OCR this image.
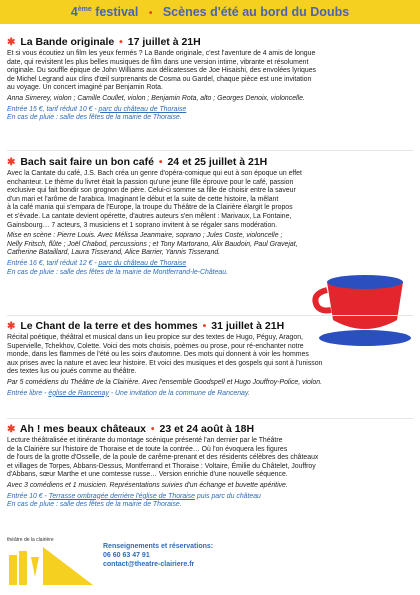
4ème festival • Scènes d'été au bord du Doubs
✱ La Bande originale • 17 juillet à 21H
Et si vous écoutiez un film les yeux fermés ? La Bande originale, c'est l'aventure de 4 amis de longue
date, qui revisitent les plus belles musiques de film dans une version intime, vibrante et résolument
originale. Du souffle épique de John Williams aux délicatesses de Joe Hisaishi, des envolées lyriques
de Michel Legrand aux clins d'œil surprenants de Cosma ou Gardel, chaque pièce est une invitation
au voyage. Un concert imaginé par Benjamin Rota.
Anna Simerey, violon ; Camille Coullet, violon ; Benjamin Rota, alto ; Georges Denoix, violoncelle.
Entrée 15 €, tarif réduit 10 € - parc du château de Thoraise
En cas de pluie : salle des fêtes de la mairie de Thoraise.
✱ Bach sait faire un bon café • 24 et 25 juillet à 21H
Avec la Cantate du café, J.S. Bach créa un genre d'opéra-comique qui eut à son époque un effet
enchanteur. Le thème du livret était la passion qu'une jeune fille éprouve pour le café, passion
exclusive qui fait bondir son grognon de père. Celui-ci somme sa fille de choisir entre la saveur
d'un mari et l'arôme de l'arabica. Imaginant le début et la suite de cette histoire, la mêlant
à la café mania qui s'empara de l'Europe, la troupe du Théâtre de la Clairière élargit le propos
et s'évade. La cantate devient opérette, d'autres auteurs s'en mêlent : Marivaux, La Fontaine,
Gainsbourg… 7 acteurs, 3 musiciens et 1 soprano invitent à se régaler sans modération.
Mise en scène : Pierre Louis. Avec Mélissa Jeanmaire, soprano ; Jules Coste, violoncelle ;
Nelly Fritsch, flûte ; Joël Chabod, percussions ; et Tony Martorano, Alix Baudoin, Paul Gravejat,
Catherine Bataillard, Laura Tisserand, Alice Barrier, Yannis Tisserand.
Entrée 16 €, tarif réduit 12 € - parc du château de Thoraise
En cas de pluie : salle des fêtes de la mairie de Montferrand-le-Château.
✱ Le Chant de la terre et des hommes • 31 juillet à 21H
Récital poétique, théâtral et musical dans un lieu propice sur des textes de Hugo, Péguy, Aragon,
Supervielle, Tchekhov, Colette. Voici des mots choisis, poèmes ou prose, pour ré-enchanter notre
monde, dans les flammes de l'été ou les soirs d'automne. Des mots qui donnent à voir les hommes
aux prises avec la nature et avec leur histoire. Et voici des musiques et des gospels qui sont à l'unisson
des textes lus ou joués comme au théâtre.
Par 5 comédiens du Théâtre de la Clairière. Avec l'ensemble Goodspell et Hugo Jouffroy-Police, violon.
Entrée libre - église de Rancenay - Une invitation de la commune de Rancenay.
✱ Ah ! mes beaux châteaux • 23 et 24 août à 18H
Lecture théâtralisée et itinérante du montage scénique présenté l'an dernier par le Théâtre
de la Clairière sur l'histoire de Thoraise et de toute la contrée… Où l'on évoquera les figures
de l'ours de la grotte d'Osselle, de la poule de carême-prenant et des résidents célèbres des châteaux
et villages de Torpes, Abbans-Dessus, Montferrand et Thoraise : Voltaire, Émilie du Châtelet, Jouffroy
d'Abbans, sœur Marthe et une comtesse russe… Version enrichie d'une nouvelle séquence.
Avec 3 comédiens et 1 musicien. Représentations suivies d'un échange et buvette apéritive.
Entrée 10 € - Terrasse ombragée derrière l'église de Thoraise puis parc du château
En cas de pluie : salle des fêtes de la mairie de Thoraise.
théâtre de la clairière
Renseignements et réservations:
06 60 63 47 91
contact@theatre-clairiere.fr
